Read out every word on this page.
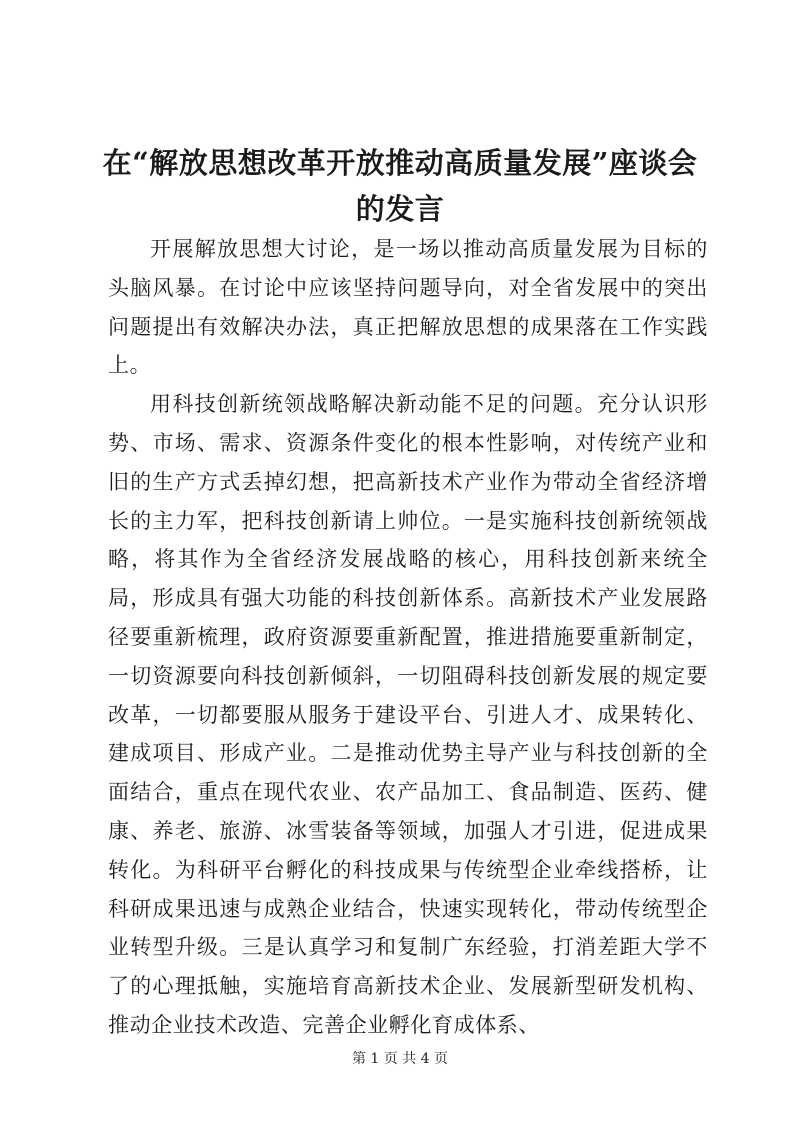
在“解放思想改革开放推动高质量发展”座谈会的发言

开展解放思想大讨论，是一场以推动高质量发展为目标的头脑风暴。在讨论中应该坚持问题导向，对全省发展中的突出问题提出有效解决办法，真正把解放思想的成果落在工作实践上。

用科技创新统领战略解决新动能不足的问题。充分认识形势、市场、需求、资源条件变化的根本性影响，对传统产业和旧的生产方式丢掉幻想，把高新技术产业作为带动全省经济增长的主力军，把科技创新请上帅位。一是实施科技创新统领战略，将其作为全省经济发展战略的核心，用科技创新来统全局，形成具有强大功能的科技创新体系。高新技术产业发展路径要重新梳理，政府资源要重新配置，推进措施要重新制定，一切资源要向科技创新倾斜，一切阻碍科技创新发展的规定要改革，一切都要服从服务于建设平台、引进人才、成果转化、建成项目、形成产业。二是推动优势主导产业与科技创新的全面结合，重点在现代农业、农产品加工、食品制造、医药、健康、养老、旅游、冰雪装备等领域，加强人才引进，促进成果转化。为科研平台孵化的科技成果与传统型企业牵线搭桥，让科研成果迅速与成熟企业结合，快速实现转化，带动传统型企业转型升级。三是认真学习和复制广东经验，打消差距大学不了的心理抵触，实施培育高新技术企业、发展新型研发机构、推动企业技术改造、完善企业孵化育成体系、

第 1 页 共 4 页
